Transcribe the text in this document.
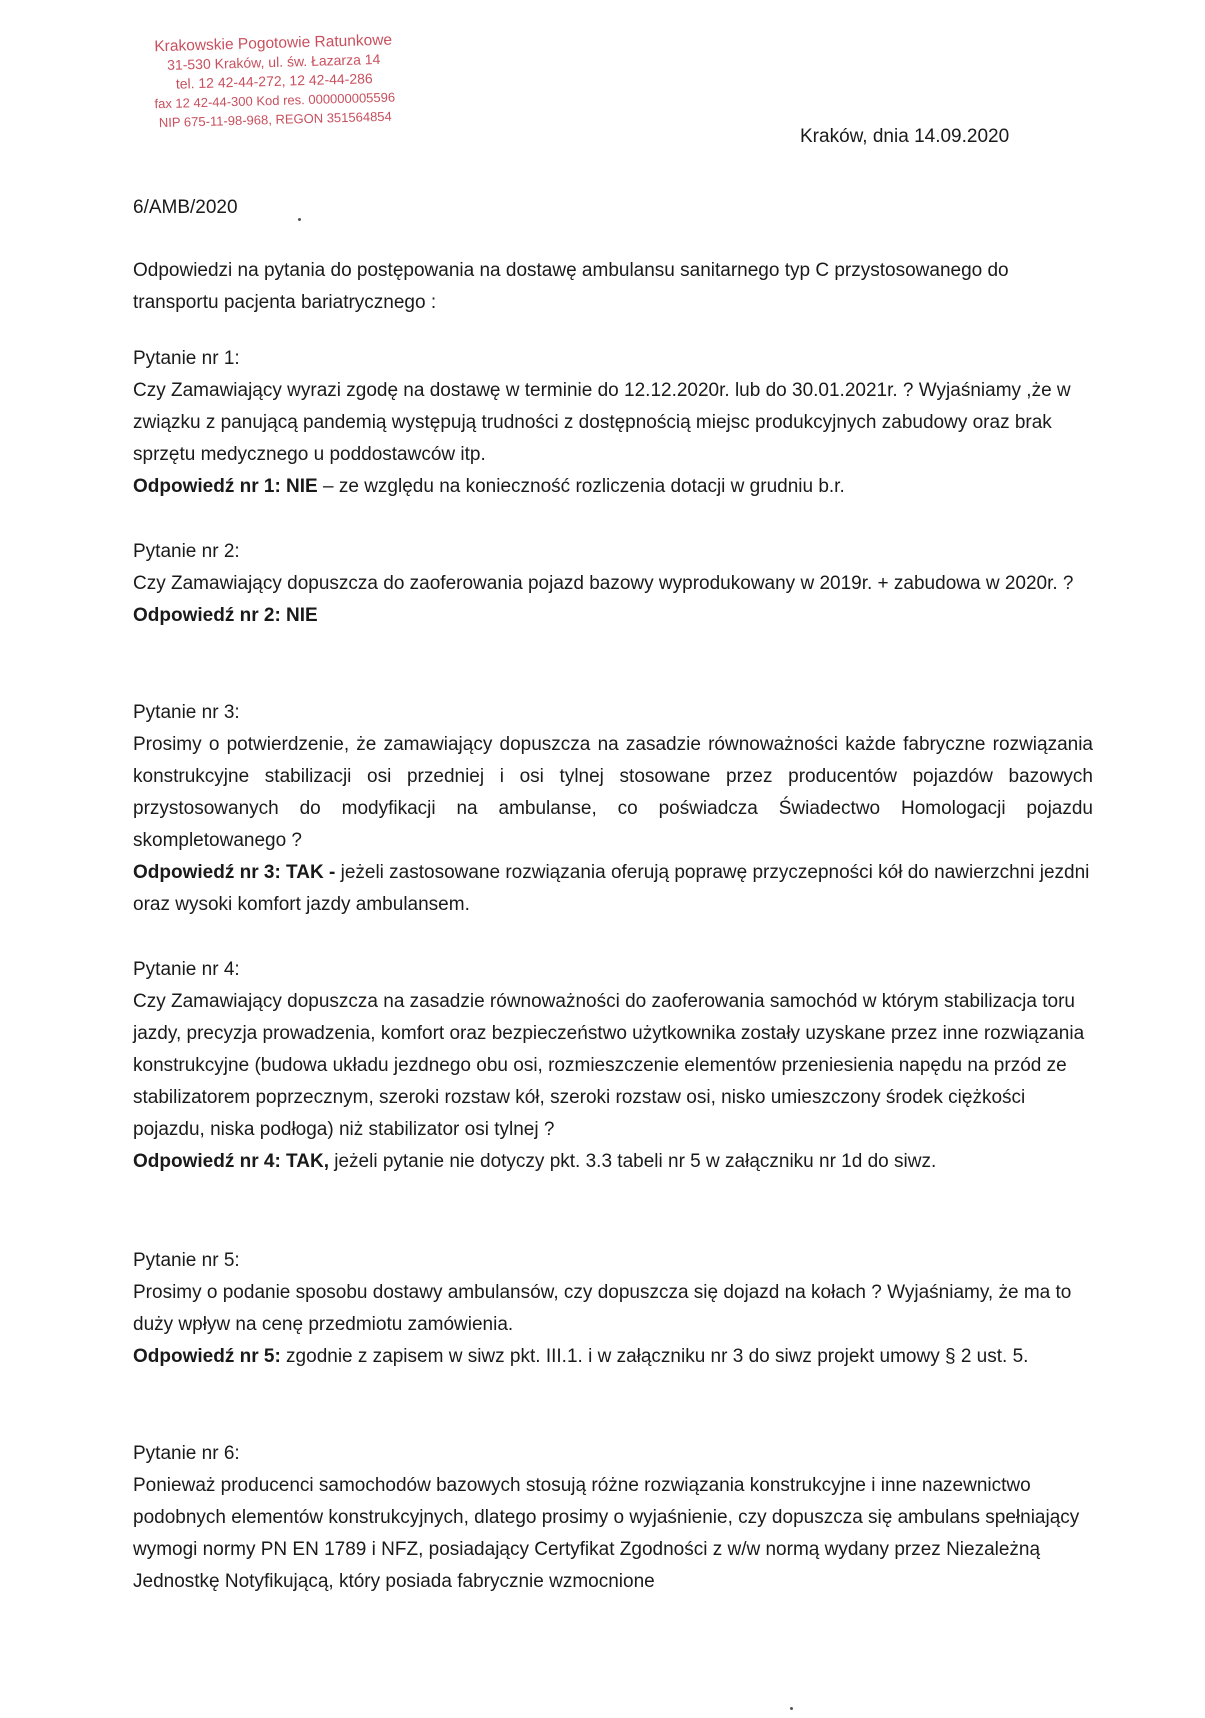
Krakowskie Pogotowie Ratunkowe
31-530 Kraków, ul. św. Łazarza 14
tel. 12 42-44-272, 12 42-44-286
fax 12 42-44-300 Kod res. 000000005596
NIP 675-11-98-968, REGON 351564854
Kraków, dnia 14.09.2020
6/AMB/2020
Odpowiedzi na pytania do postępowania na dostawę ambulansu sanitarnego typ C przystosowanego do transportu pacjenta bariatrycznego :

Pytanie nr 1:

Czy Zamawiający wyrazi zgodę na dostawę w terminie do 12.12.2020r. lub do 30.01.2021r. ? Wyjaśniamy ,że w związku z panującą pandemią występują trudności z dostępnością miejsc produkcyjnych zabudowy oraz brak sprzętu medycznego u poddostawców itp.

Odpowiedź nr 1: NIE – ze względu na konieczność rozliczenia dotacji w grudniu b.r.

Pytanie nr 2:

Czy Zamawiający dopuszcza do zaoferowania pojazd bazowy wyprodukowany w 2019r. + zabudowa w 2020r. ?

Odpowiedź nr 2: NIE

Pytanie nr 3:

Prosimy o potwierdzenie, że zamawiający dopuszcza na zasadzie równoważności każde fabryczne rozwiązania konstrukcyjne stabilizacji osi przedniej i osi tylnej stosowane przez producentów pojazdów bazowych przystosowanych do modyfikacji na ambulanse, co poświadcza Świadectwo Homologacji pojazdu skompletowanego ?

Odpowiedź nr 3: TAK - jeżeli zastosowane rozwiązania oferują poprawę przyczepności kół do nawierzchni jezdni oraz wysoki komfort jazdy ambulansem.

Pytanie nr 4:

Czy Zamawiający dopuszcza na zasadzie równoważności do zaoferowania samochód w którym stabilizacja toru jazdy, precyzja prowadzenia, komfort oraz bezpieczeństwo użytkownika zostały uzyskane przez inne rozwiązania konstrukcyjne (budowa układu jezdnego obu osi, rozmieszczenie elementów przeniesienia napędu na przód ze stabilizatorem poprzecznym, szeroki rozstaw kół, szeroki rozstaw osi, nisko umieszczony środek ciężkości pojazdu, niska podłoga) niż stabilizator osi tylnej ?

Odpowiedź nr 4: TAK, jeżeli pytanie nie dotyczy pkt. 3.3 tabeli nr 5 w załączniku nr 1d do siwz.

Pytanie nr 5:

Prosimy o podanie sposobu dostawy ambulansów, czy dopuszcza się dojazd na kołach ? Wyjaśniamy, że ma to duży wpływ na cenę przedmiotu zamówienia.

Odpowiedź nr 5: zgodnie z zapisem w siwz pkt. III.1. i w załączniku nr 3 do siwz projekt umowy § 2 ust. 5.

Pytanie nr 6:

Ponieważ producenci samochodów bazowych stosują różne rozwiązania konstrukcyjne i inne nazewnictwo podobnych elementów konstrukcyjnych, dlatego prosimy o wyjaśnienie, czy dopuszcza się ambulans spełniający wymogi normy PN EN 1789 i NFZ, posiadający Certyfikat Zgodności z w/w normą wydany przez Niezależną Jednostkę Notyfikującą, który posiada fabrycznie wzmocnione
